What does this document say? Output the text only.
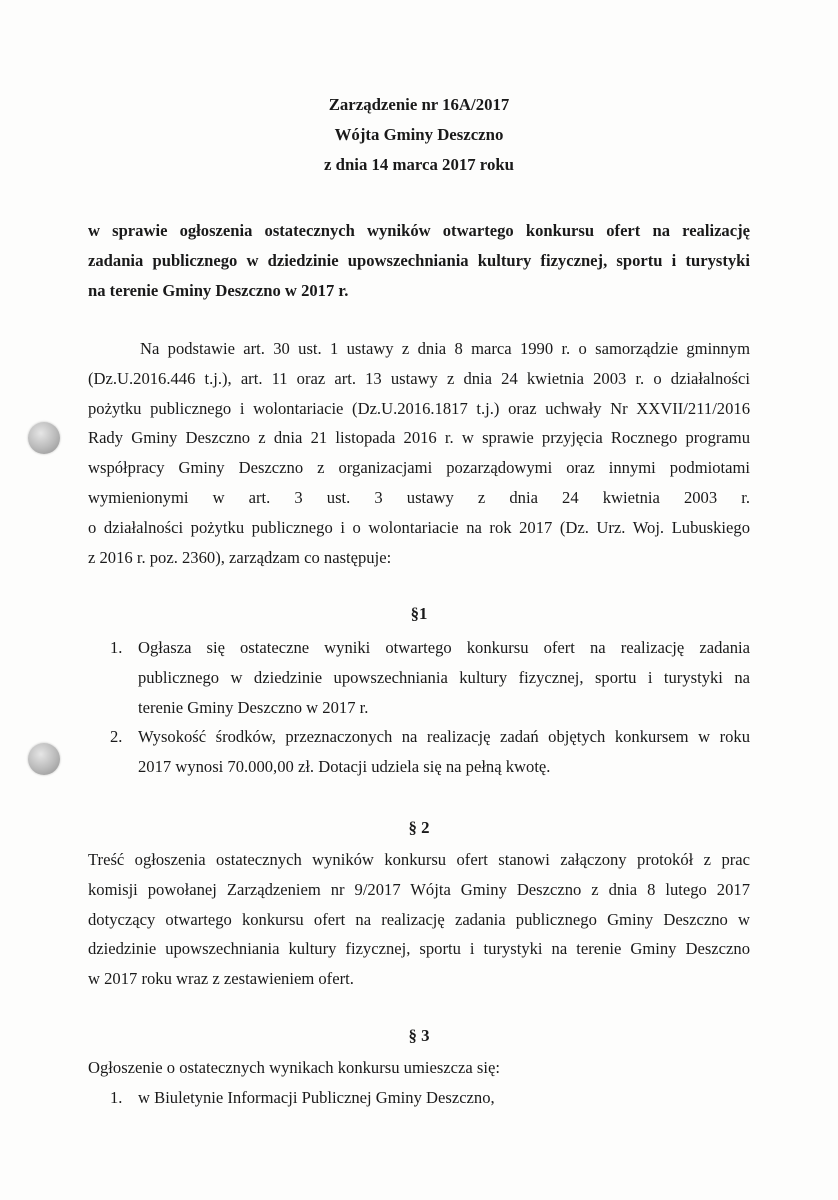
Zarządzenie nr 16A/2017
Wójta Gminy Deszczno
z dnia 14 marca 2017 roku
w sprawie ogłoszenia ostatecznych wyników otwartego konkursu ofert na realizację
zadania publicznego w dziedzinie upowszechniania kultury fizycznej, sportu i turystyki
na terenie Gminy Deszczno w 2017 r.
Na podstawie art. 30 ust. 1 ustawy z dnia 8 marca 1990 r. o samorządzie gminnym
(Dz.U.2016.446 t.j.), art. 11 oraz art. 13 ustawy z dnia 24 kwietnia 2003 r. o działalności
pożytku publicznego i wolontariacie (Dz.U.2016.1817 t.j.) oraz uchwały Nr XXVII/211/2016
Rady Gminy Deszczno z dnia 21 listopada 2016 r. w sprawie przyjęcia Rocznego programu
współpracy Gminy Deszczno z organizacjami pozarządowymi oraz innymi podmiotami
wymienionymi w art. 3 ust. 3 ustawy z dnia 24 kwietnia 2003 r.
o działalności pożytku publicznego i o wolontariacie na rok 2017 (Dz. Urz. Woj. Lubuskiego
z 2016 r. poz. 2360), zarządzam co następuje:
§1
1. Ogłasza się ostateczne wyniki otwartego konkursu ofert na realizację zadania
publicznego w dziedzinie upowszechniania kultury fizycznej, sportu i turystyki na
terenie Gminy Deszczno w 2017 r.
2. Wysokość środków, przeznaczonych na realizację zadań objętych konkursem w roku
2017 wynosi 70.000,00 zł. Dotacji udziela się na pełną kwotę.
§ 2
Treść ogłoszenia ostatecznych wyników konkursu ofert stanowi załączony protokół z prac
komisji powołanej Zarządzeniem nr 9/2017 Wójta Gminy Deszczno z dnia 8 lutego 2017
dotyczący otwartego konkursu ofert na realizację zadania publicznego Gminy Deszczno w
dziedzinie upowszechniania kultury fizycznej, sportu i turystyki na terenie Gminy Deszczno
w 2017 roku wraz z zestawieniem ofert.
§ 3
Ogłoszenie o ostatecznych wynikach konkursu umieszcza się:
1. w Biuletynie Informacji Publicznej Gminy Deszczno,
